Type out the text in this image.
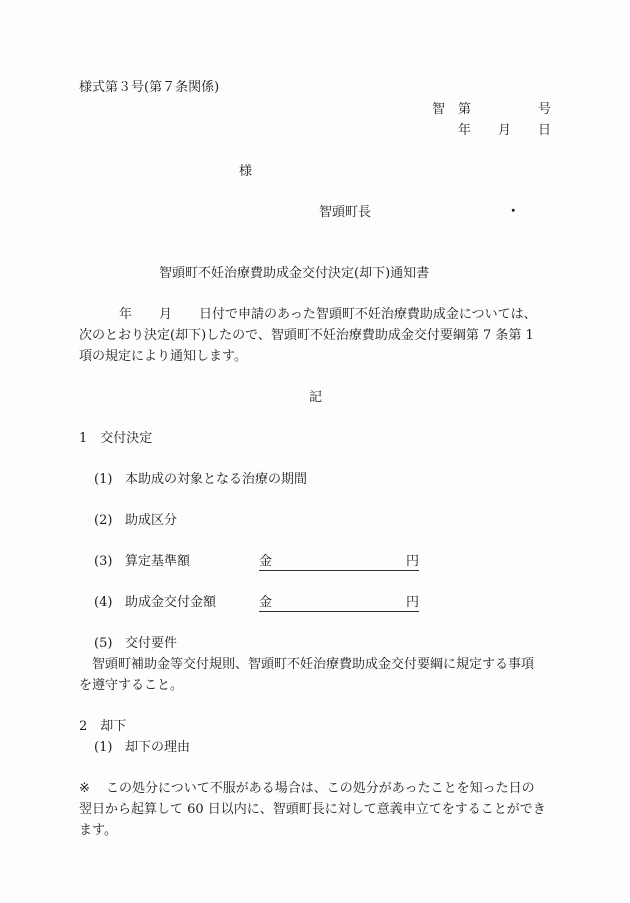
様式第３号(第７条関係)
智 第	号
年 月 日
様
智頭町長	･
智頭町不妊治療費助成金交付決定(却下)通知書
年 月 日付で申請のあった智頭町不妊治療費助成金については、
次のとおり決定(却下)したので、智頭町不妊治療費助成金交付要綱第 7 条第 1
項の規定により通知します。
記
1　交付決定
(1) 本助成の対象となる治療の期間
(2) 助成区分
(3) 算定基準額	金	円
(4) 助成金交付金額	金	円
(5) 交付要件
智頭町補助金等交付規則、智頭町不妊治療費助成金交付要綱に規定する事項
を遵守すること。
2　却下
(1) 却下の理由
※ この処分について不服がある場合は、この処分があったことを知った日の
翌日から起算して 60 日以内に、智頭町長に対して意義申立てをすることができ
ます。
